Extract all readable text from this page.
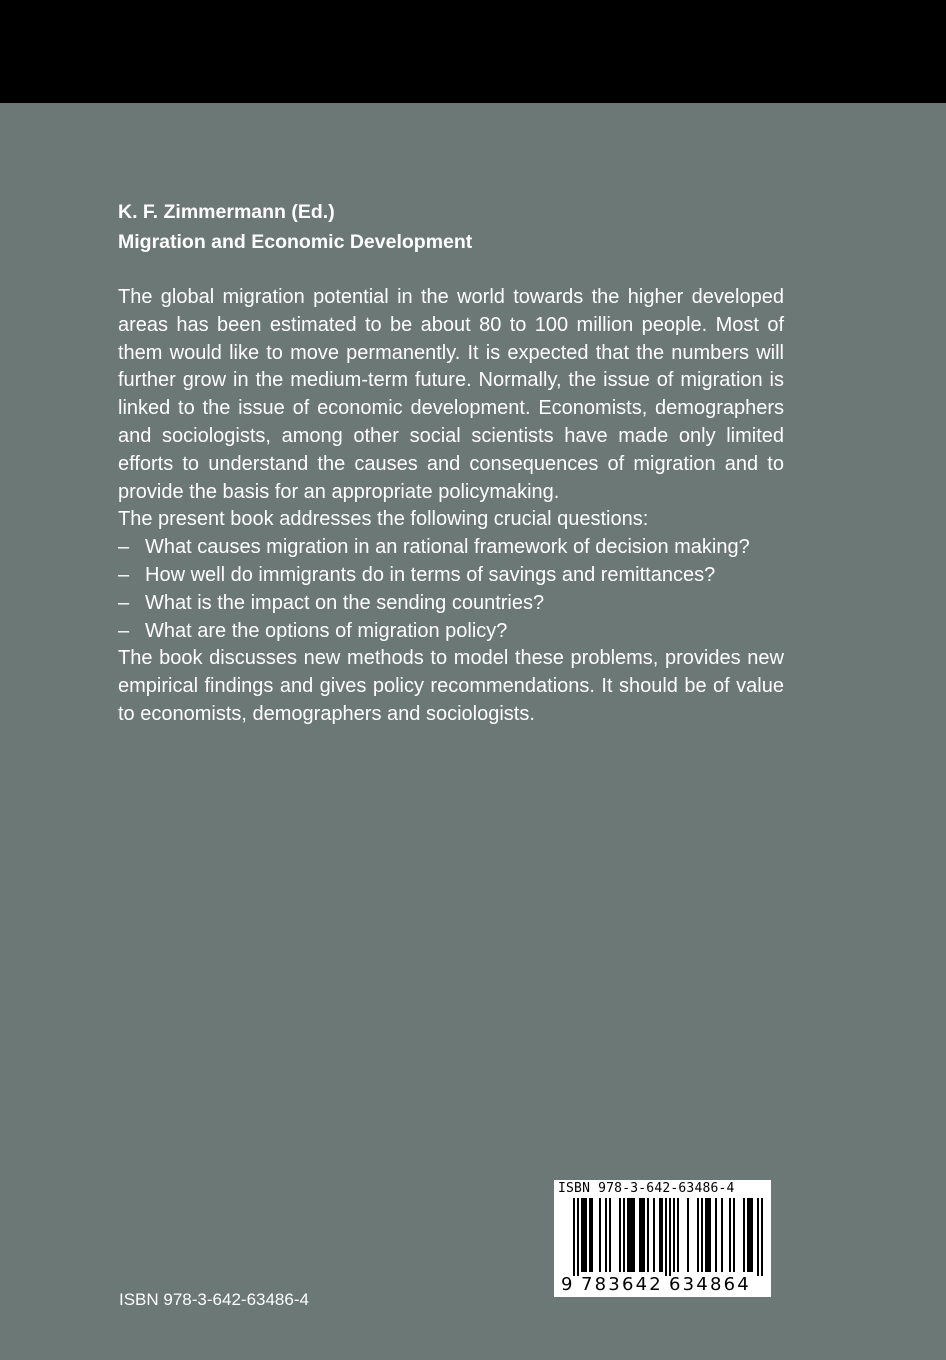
K. F. Zimmermann (Ed.)
Migration and Economic Development

The global migration potential in the world towards the higher developed areas has been estimated to be about 80 to 100 million people. Most of them would like to move permanently. It is expected that the numbers will further grow in the medium-term future. Normally, the issue of migration is linked to the issue of economic development. Economists, demographers and sociologists, among other social scientists have made only limited efforts to understand the causes and consequences of migration and to provide the basis for an appropriate policymaking.

The present book addresses the following crucial questions:

– What causes migration in an rational framework of decision making?
– How well do immigrants do in terms of savings and remittances?
– What is the impact on the sending countries?
– What are the options of migration policy?

The book discusses new methods to model these problems, provides new empirical findings and gives policy recommendations. It should be of value to economists, demographers and sociologists.

ISBN 978-3-642-63486-4
ISBN 978-3-642-63486-4
9 783642 634864
